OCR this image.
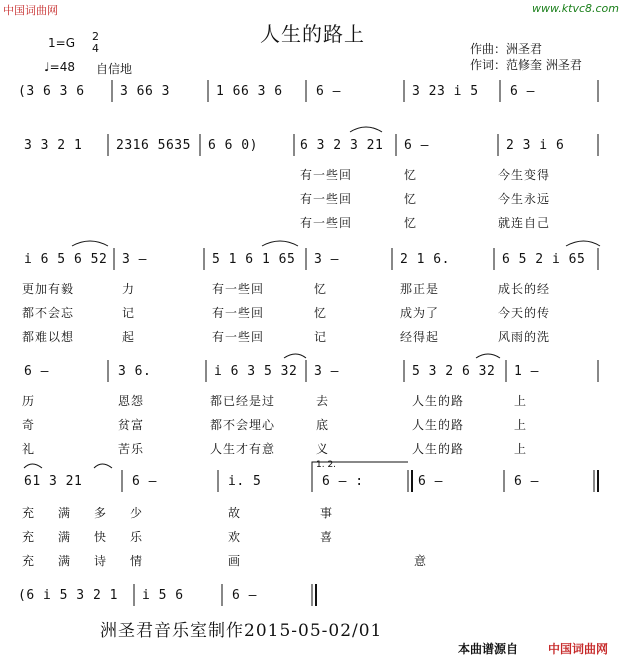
中国词曲网	www.ktvc8.com
人生的路上
1=G 2
4
♩=48 自信地
作曲：洲圣君
作词：范修奎 洲圣君
(3 6 3 6	3 66 3	1 66 3 6	6 –	3 23 i 5 6 –
3 3 2 1	2316 5635 6 6 0)	6 3 2 3 21 6 –	2 3 i 6
有一些回	忆	今生变得
有一些回	忆	今生永远
有一些回	忆	就连自己
i 6 5 6 52 3 –	5 1 6 1 65 3 –	2 1 6.	6 5 2 i 65
更加有毅	力	有一些回	忆	那正是	成长的经
都不会忘	记	有一些回	忆	成为了	今天的传
都难以想	起	有一些回	记	经得起	风雨的洗
6 –	3 6.	i 6 3 5 32 3 –	5 3 2 6 32 1 –
历	恩怨	都已经是过	去	人生的路	上
奇	贫富	都不会埋心	底	人生的路	上
礼	苦乐	人生才有意	义	人生的路	上
1. 2.
61 3 21	6 –	i. 5	6 – :	6 –	6 –
充满多少	故	事
充满快乐	欢	喜
充满诗情	画	意
(6 i 5 3 2 1 i 5 6	6 –
洲圣君音乐室制作2015-05-02/01
本曲谱源自 中国词曲网
